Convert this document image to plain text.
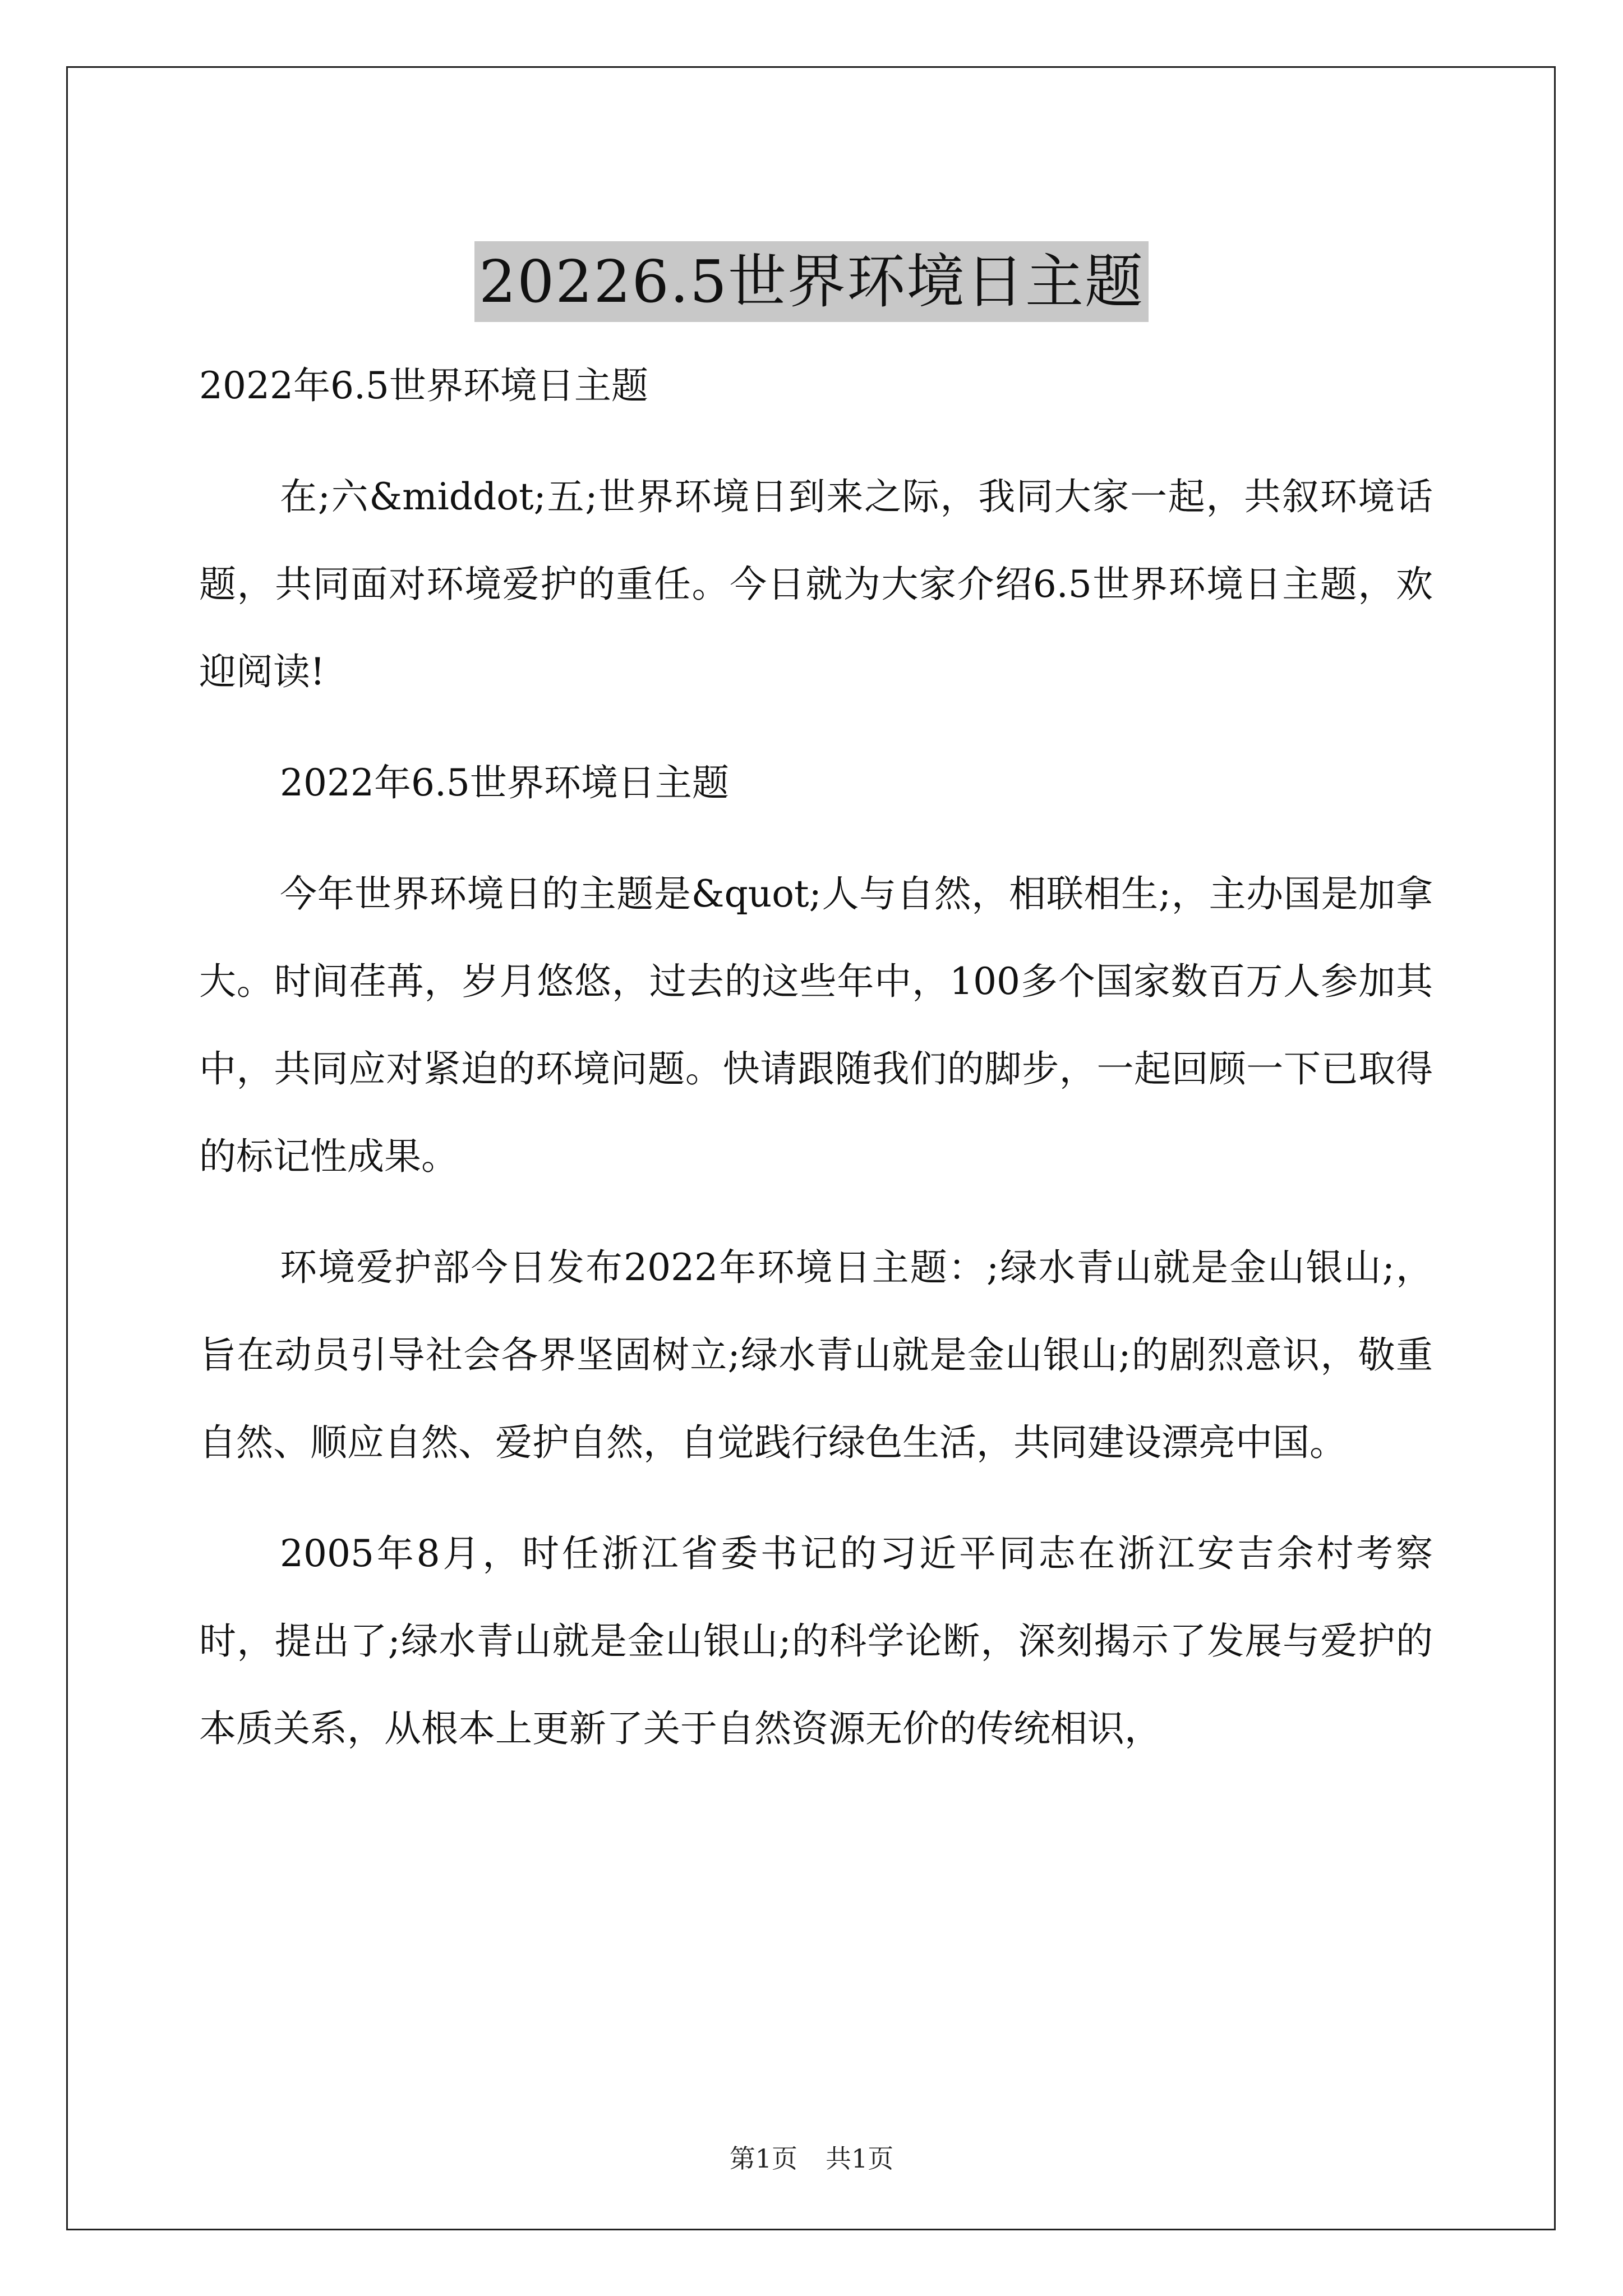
20226.5世界环境日主题

2022年6.5世界环境日主题

在;六&middot;五;世界环境日到来之际，我同大家一起，共叙环境话题，共同面对环境爱护的重任。今日就为大家介绍6.5世界环境日主题，欢迎阅读!

2022年6.5世界环境日主题

今年世界环境日的主题是&quot;人与自然，相联相生;，主办国是加拿大。时间荏苒，岁月悠悠，过去的这些年中，100多个国家数百万人参加其中，共同应对紧迫的环境问题。快请跟随我们的脚步，一起回顾一下已取得的标记性成果。

环境爱护部今日发布2022年环境日主题：;绿水青山就是金山银山;，旨在动员引导社会各界坚固树立;绿水青山就是金山银山;的剧烈意识，敬重自然、顺应自然、爱护自然，自觉践行绿色生活，共同建设漂亮中国。

2005年8月，时任浙江省委书记的习近平同志在浙江安吉余村考察时，提出了;绿水青山就是金山银山;的科学论断，深刻揭示了发展与爱护的本质关系，从根本上更新了关于自然资源无价的传统相识，

第1页 共1页
